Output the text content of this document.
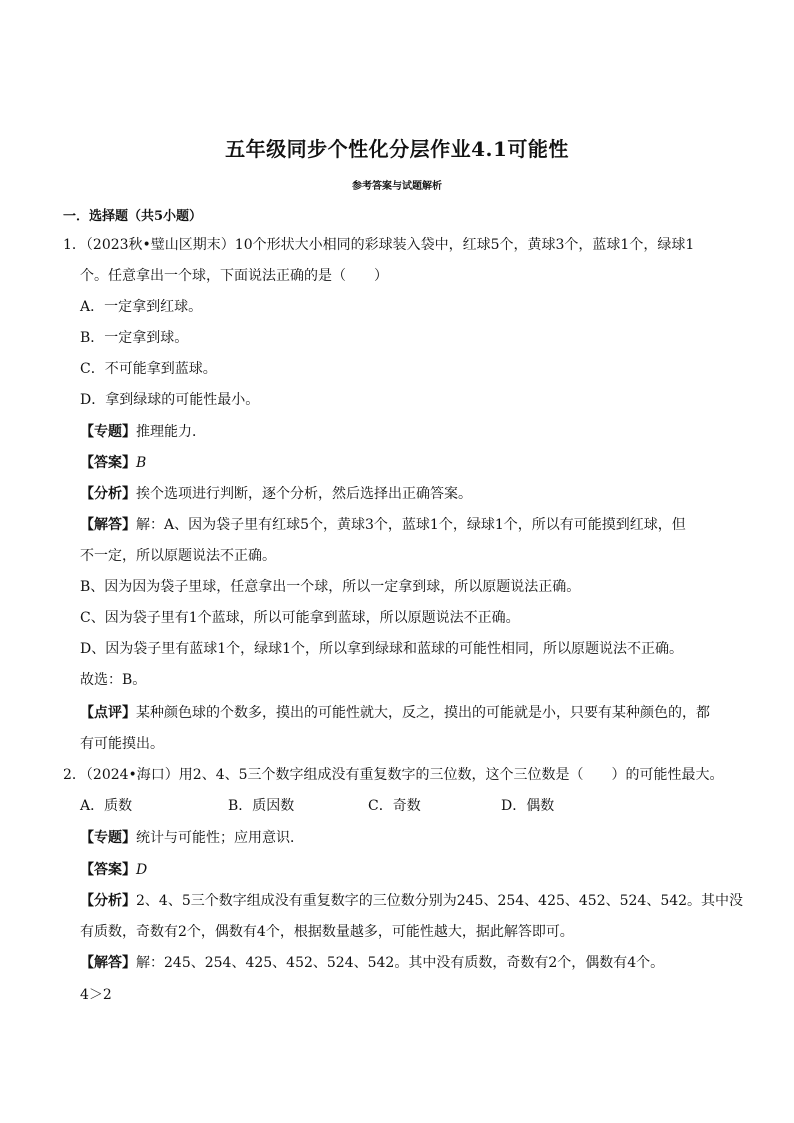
五年级同步个性化分层作业4.1可能性
参考答案与试题解析
一．选择题（共5小题）
1．（2023秋•璧山区期末）10个形状大小相同的彩球装入袋中，红球5个，黄球3个，蓝球1个，绿球1
个。任意拿出一个球，下面说法正确的是（　　）
A．一定拿到红球。
B．一定拿到球。
C．不可能拿到蓝球。
D．拿到绿球的可能性最小。
【专题】推理能力．
【答案】B
【分析】挨个选项进行判断，逐个分析，然后选择出正确答案。
【解答】解：A、因为袋子里有红球5个，黄球3个，蓝球1个，绿球1个，所以有可能摸到红球，但
不一定，所以原题说法不正确。
B、因为因为袋子里球，任意拿出一个球，所以一定拿到球，所以原题说法正确。
C、因为袋子里有1个蓝球，所以可能拿到蓝球，所以原题说法不正确。
D、因为袋子里有蓝球1个，绿球1个，所以拿到绿球和蓝球的可能性相同，所以原题说法不正确。
故选：B。
【点评】某种颜色球的个数多，摸出的可能性就大，反之，摸出的可能就是小，只要有某种颜色的，都
有可能摸出。
2．（2024•海口）用2、4、5三个数字组成没有重复数字的三位数，这个三位数是（　　）的可能性最大。
A．质数	B．质因数	C．奇数	D．偶数
【专题】统计与可能性；应用意识．
【答案】D
【分析】2、4、5三个数字组成没有重复数字的三位数分别为245、254、425、452、524、542。其中没
有质数，奇数有2个，偶数有4个，根据数量越多，可能性越大，据此解答即可。
【解答】解：245、254、425、452、524、542。其中没有质数，奇数有2个，偶数有4个。
4＞2
